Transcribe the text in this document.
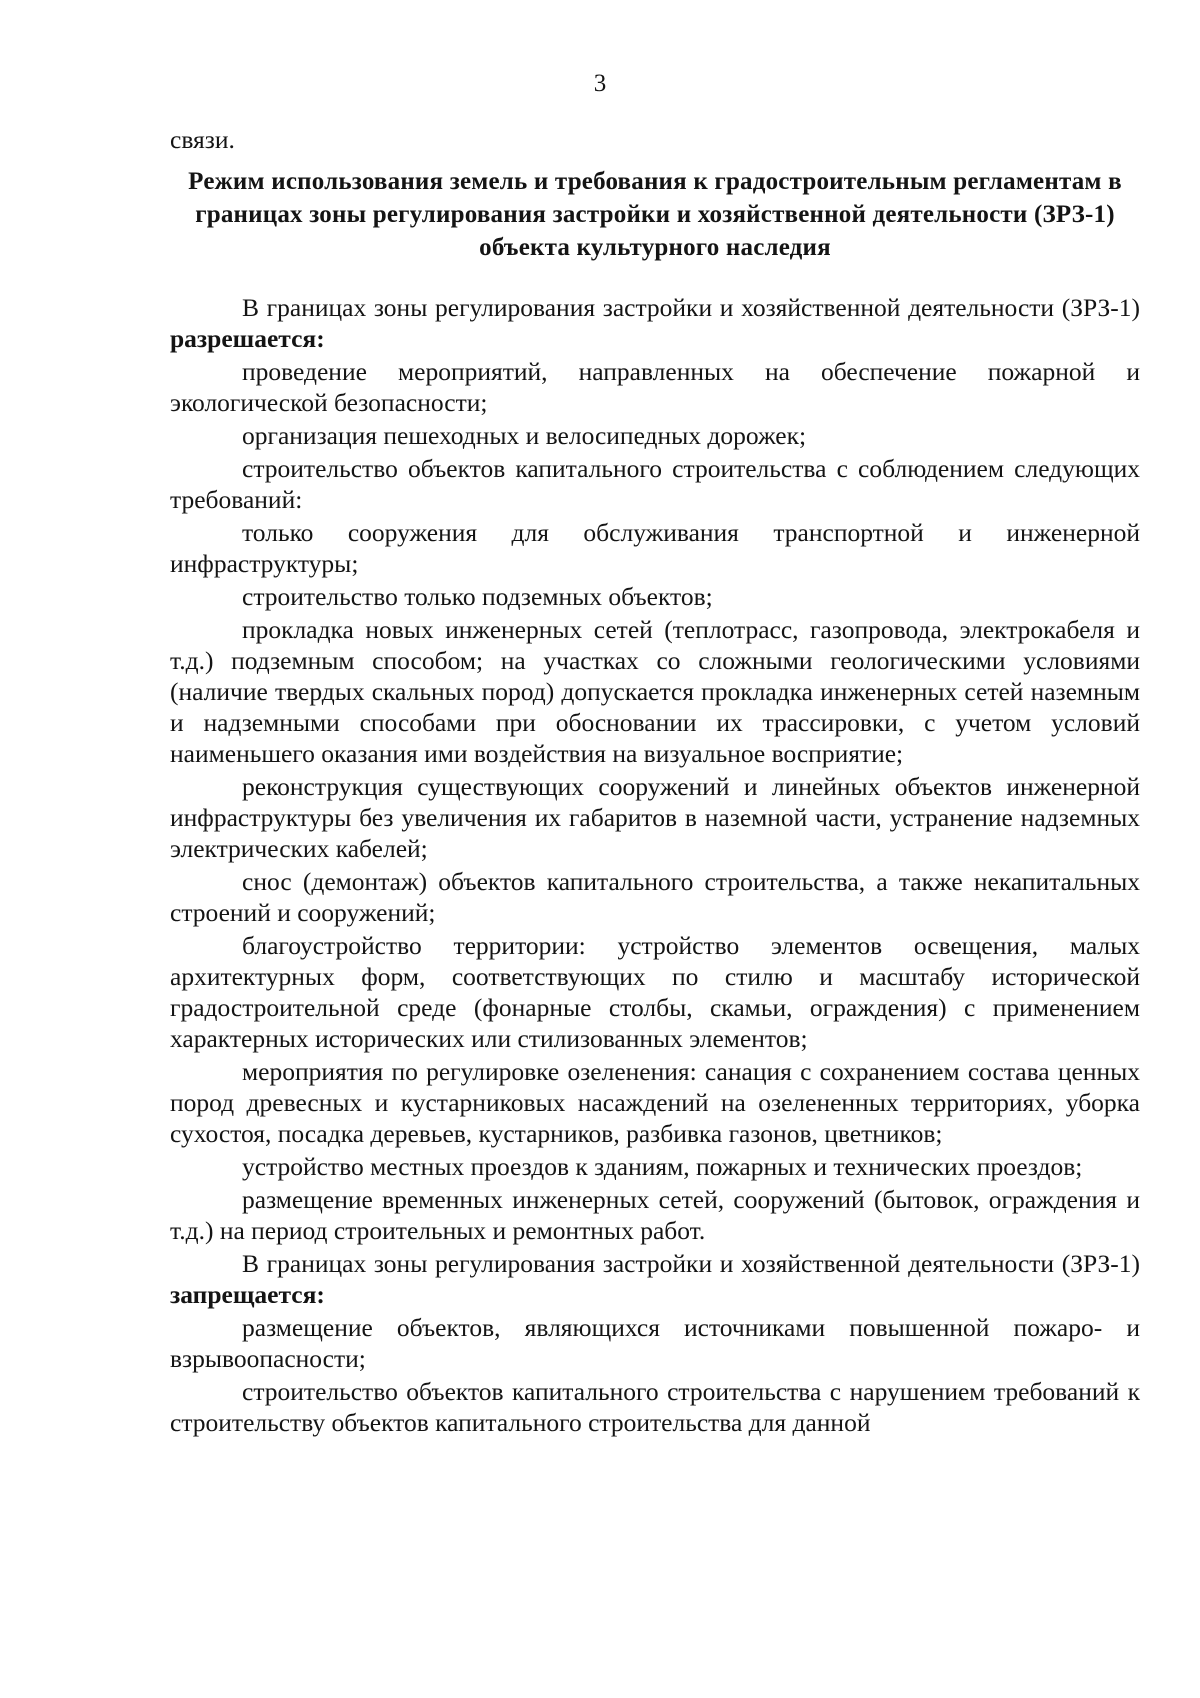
3
связи.
Режим использования земель и требования к градостроительным регламентам в границах зоны регулирования застройки и хозяйственной деятельности (ЗРЗ-1) объекта культурного наследия
В границах зоны регулирования застройки и хозяйственной деятельности (ЗРЗ-1) разрешается:
проведение мероприятий, направленных на обеспечение пожарной и экологической безопасности;
организация пешеходных и велосипедных дорожек;
строительство объектов капитального строительства с соблюдением следующих требований:
только сооружения для обслуживания транспортной и инженерной инфраструктуры;
строительство только подземных объектов;
прокладка новых инженерных сетей (теплотрасс, газопровода, электрокабеля и т.д.) подземным способом; на участках со сложными геологическими условиями (наличие твердых скальных пород) допускается прокладка инженерных сетей наземным и надземными способами при обосновании их трассировки, с учетом условий наименьшего оказания ими воздействия на визуальное восприятие;
реконструкция существующих сооружений и линейных объектов инженерной инфраструктуры без увеличения их габаритов в наземной части, устранение надземных электрических кабелей;
снос (демонтаж) объектов капитального строительства, а также некапитальных строений и сооружений;
благоустройство территории: устройство элементов освещения, малых архитектурных форм, соответствующих по стилю и масштабу исторической градостроительной среде (фонарные столбы, скамьи, ограждения) с применением характерных исторических или стилизованных элементов;
мероприятия по регулировке озеленения: санация с сохранением состава ценных пород древесных и кустарниковых насаждений на озелененных территориях, уборка сухостоя, посадка деревьев, кустарников, разбивка газонов, цветников;
устройство местных проездов к зданиям, пожарных и технических проездов;
размещение временных инженерных сетей, сооружений (бытовок, ограждения и т.д.) на период строительных и ремонтных работ.
В границах зоны регулирования застройки и хозяйственной деятельности (ЗРЗ-1) запрещается:
размещение объектов, являющихся источниками повышенной пожаро- и взрывоопасности;
строительство объектов капитального строительства с нарушением требований к строительству объектов капитального строительства для данной
